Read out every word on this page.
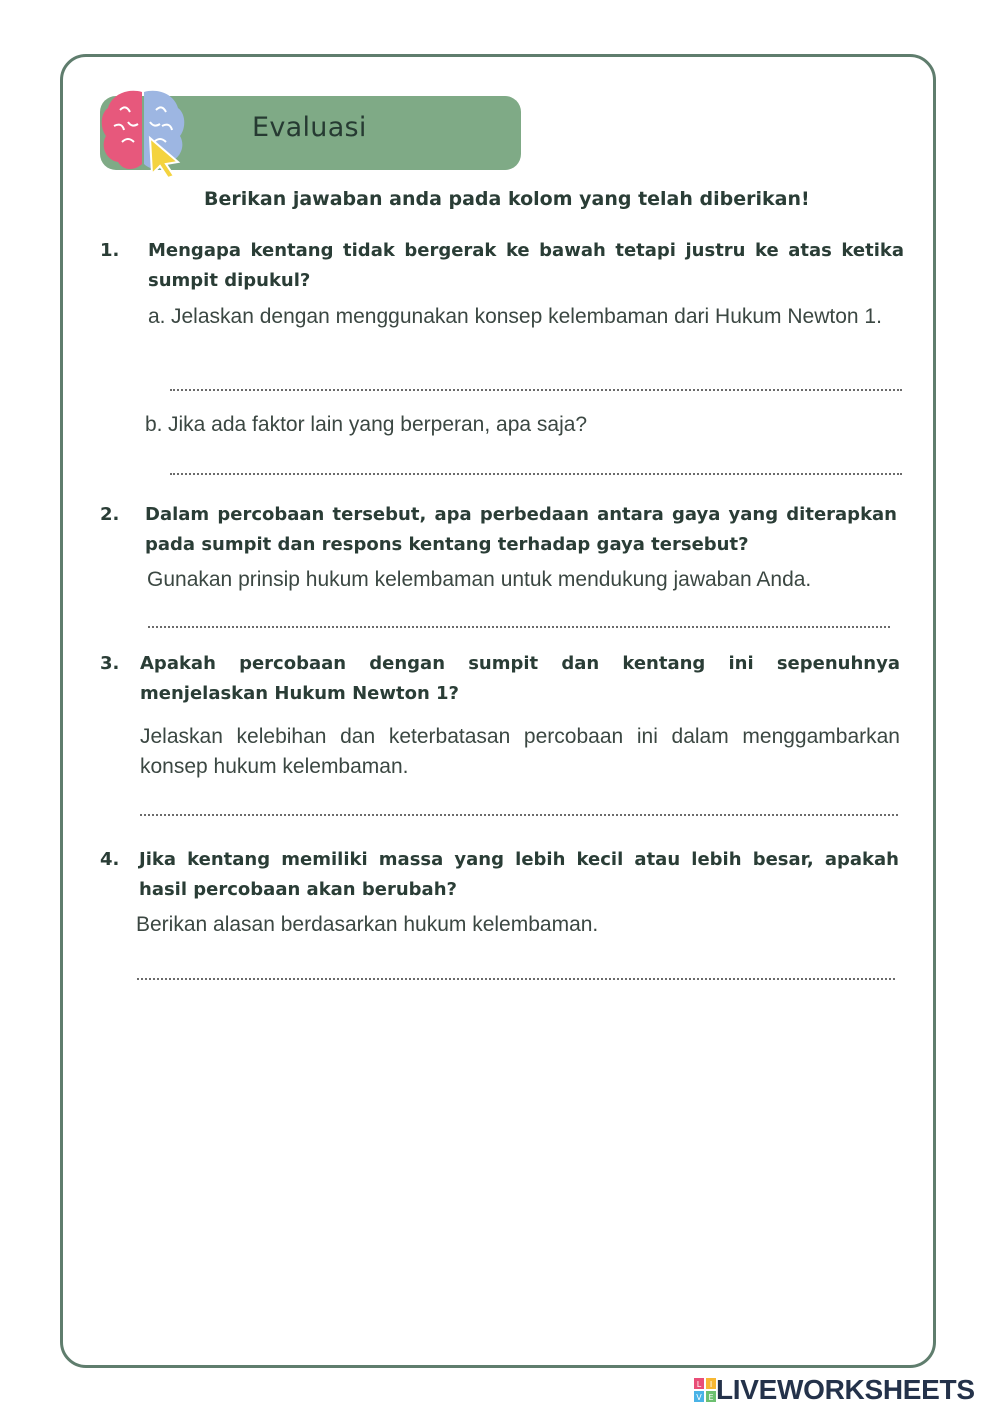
Evaluasi
Berikan jawaban anda pada kolom yang telah diberikan!
1. Mengapa kentang tidak bergerak ke bawah tetapi justru ke atas ketika sumpit dipukul?
a. Jelaskan dengan menggunakan konsep kelembaman dari Hukum Newton 1.
b. Jika ada faktor lain yang berperan, apa saja?
2. Dalam percobaan tersebut, apa perbedaan antara gaya yang diterapkan pada sumpit dan respons kentang terhadap gaya tersebut?
Gunakan prinsip hukum kelembaman untuk mendukung jawaban Anda.
3. Apakah percobaan dengan sumpit dan kentang ini sepenuhnya menjelaskan Hukum Newton 1?
Jelaskan kelebihan dan keterbatasan percobaan ini dalam menggambarkan konsep hukum kelembaman.
4. Jika kentang memiliki massa yang lebih kecil atau lebih besar, apakah hasil percobaan akan berubah?
Berikan alasan berdasarkan hukum kelembaman.
L I
V E LIVEWORKSHEETS
